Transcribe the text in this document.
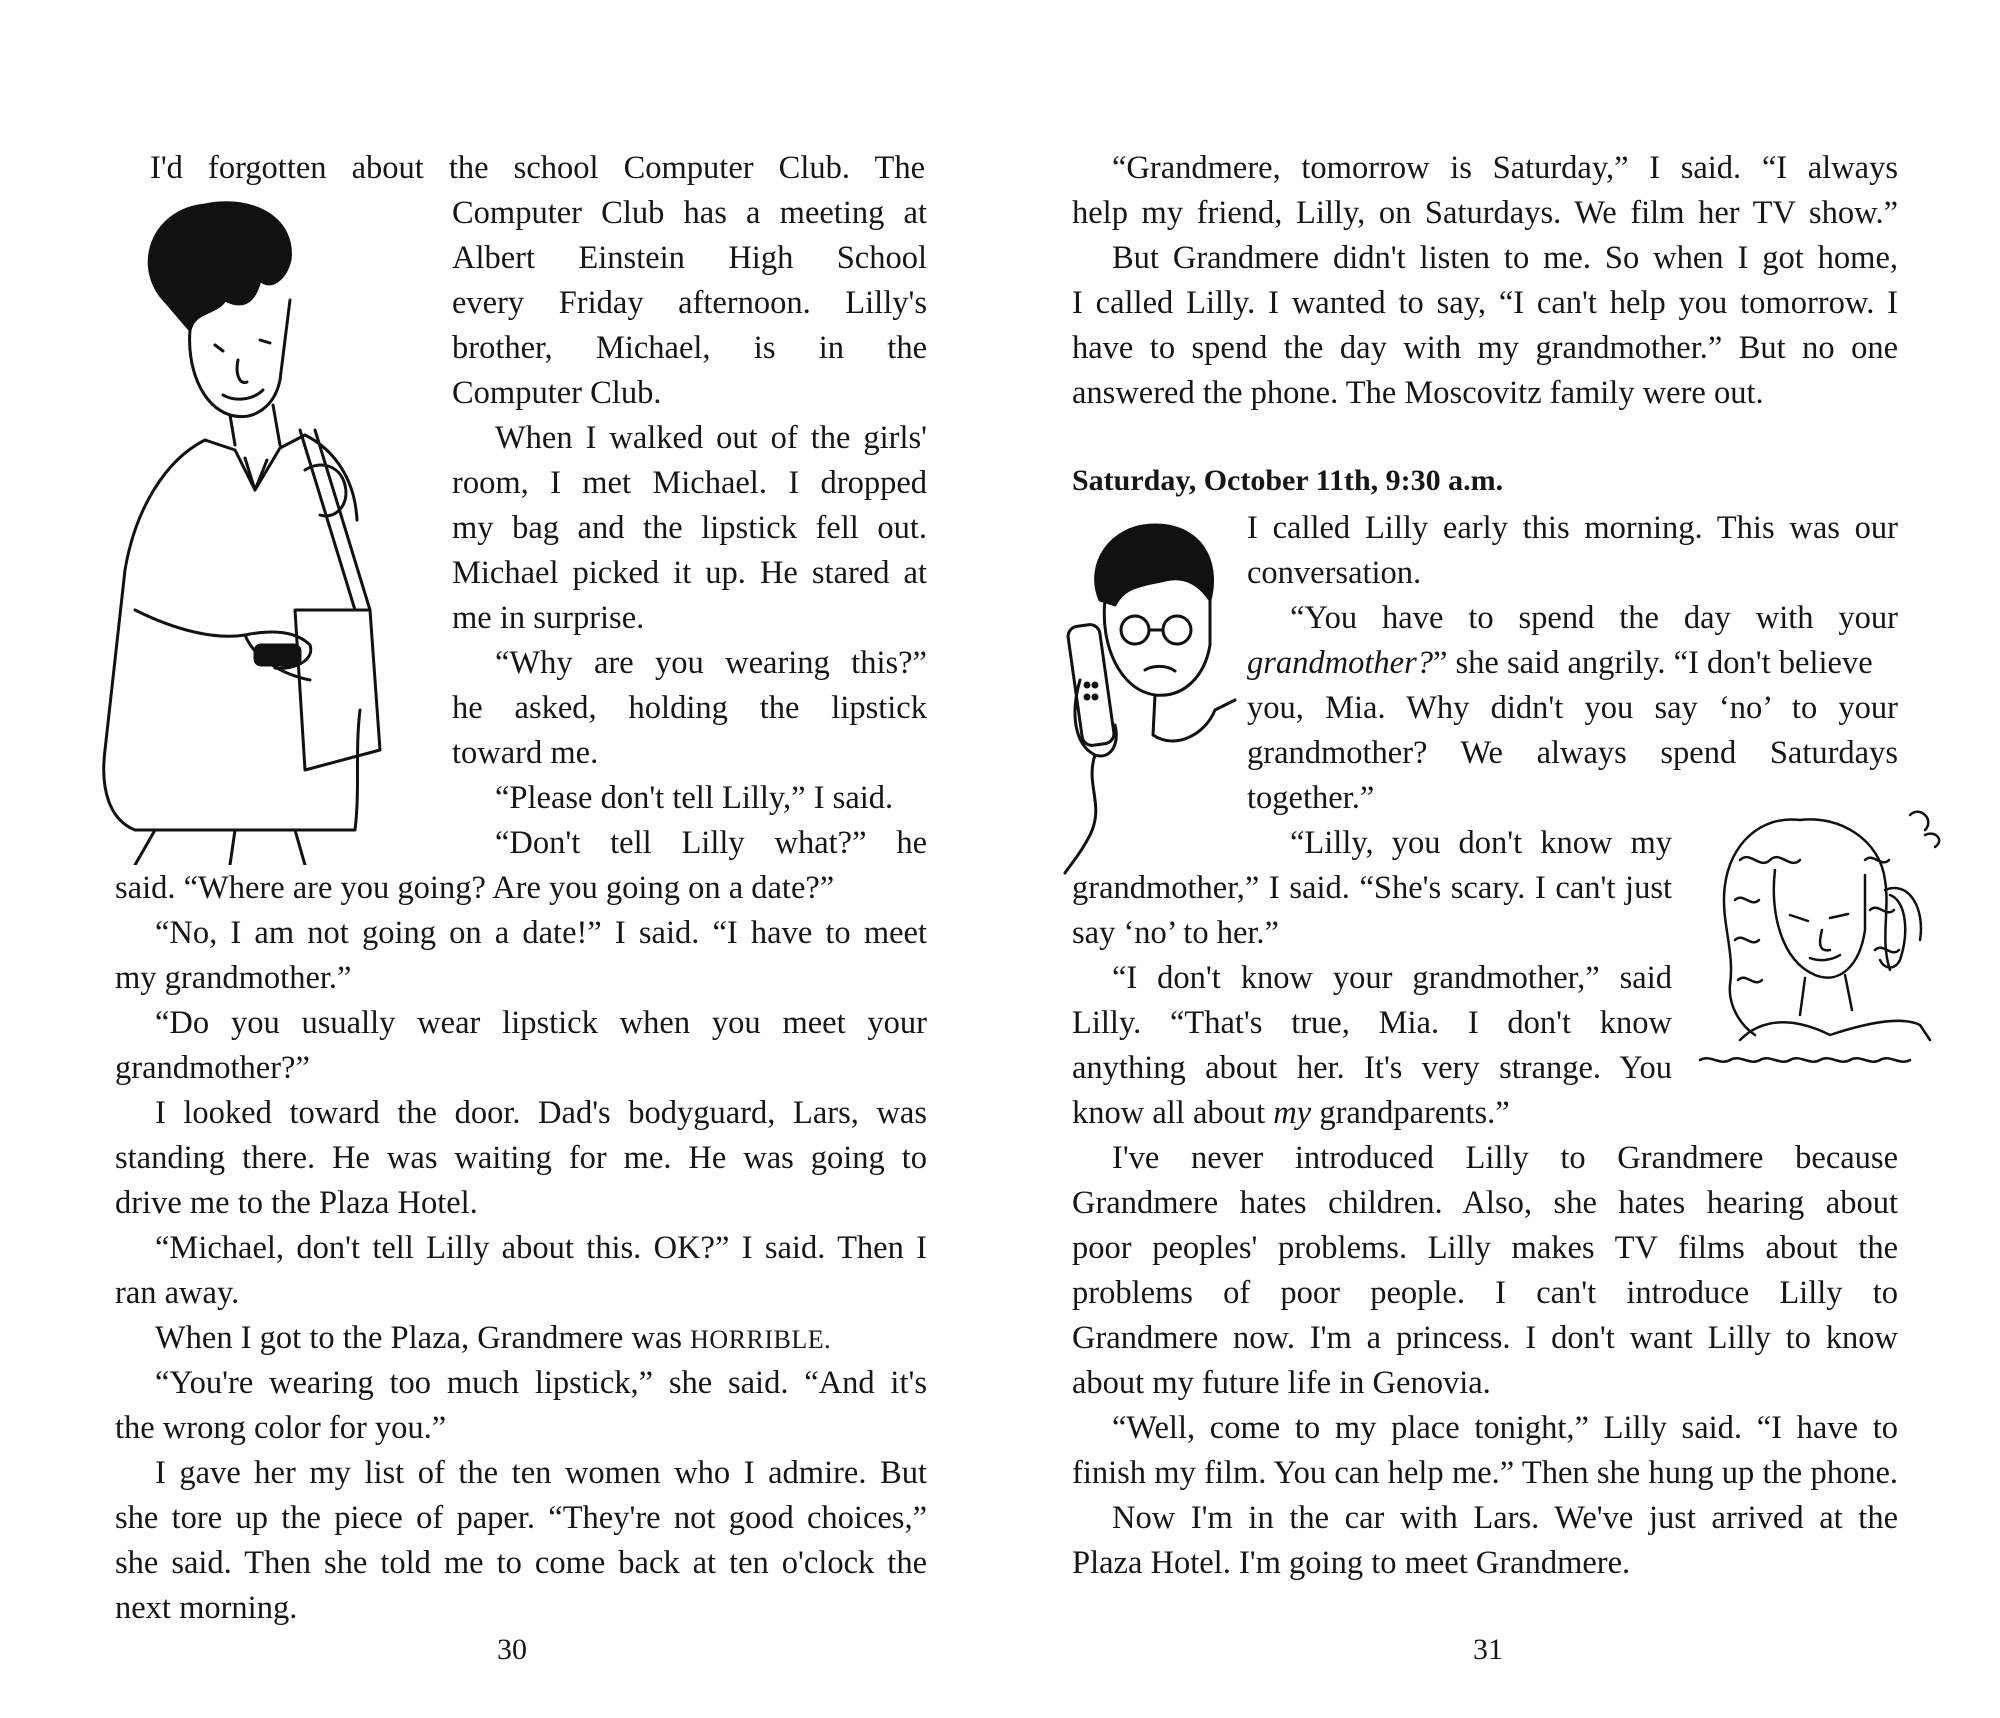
I'd forgotten about the school Computer Club. The
Computer Club has a meeting at
Albert Einstein High School
every Friday afternoon. Lilly's
brother, Michael, is in the
Computer Club.
When I walked out of the girls'
room, I met Michael. I dropped
my bag and the lipstick fell out.
Michael picked it up. He stared at
me in surprise.
“Why are you wearing this?”
he asked, holding the lipstick
toward me.
“Please don't tell Lilly,” I said.
“Don't tell Lilly what?” he
said. “Where are you going? Are you going on a date?”
“No, I am not going on a date!” I said. “I have to meet
my grandmother.”
“Do you usually wear lipstick when you meet your
grandmother?”
I looked toward the door. Dad's bodyguard, Lars, was
standing there. He was waiting for me. He was going to
drive me to the Plaza Hotel.
“Michael, don't tell Lilly about this. OK?” I said. Then I
ran away.
When I got to the Plaza, Grandmere was HORRIBLE.
“You're wearing too much lipstick,” she said. “And it's
the wrong color for you.”
I gave her my list of the ten women who I admire. But
she tore up the piece of paper. “They're not good choices,”
she said. Then she told me to come back at ten o'clock the
next morning.
30
“Grandmere, tomorrow is Saturday,” I said. “I always
help my friend, Lilly, on Saturdays. We film her TV show.”
But Grandmere didn't listen to me. So when I got home,
I called Lilly. I wanted to say, “I can't help you tomorrow. I
have to spend the day with my grandmother.” But no one
answered the phone. The Moscovitz family were out.
Saturday, October 11th, 9:30 a.m.
I called Lilly early this morning. This was our
conversation.
“You have to spend the day with your
grandmother?” she said angrily. “I don't believe
you, Mia. Why didn't you say ‘no’ to your
grandmother? We always spend Saturdays
together.”
“Lilly, you don't know my
grandmother,” I said. “She's scary. I can't just
say ‘no’ to her.”
“I don't know your grandmother,” said
Lilly. “That's true, Mia. I don't know
anything about her. It's very strange. You
know all about my grandparents.”
I've never introduced Lilly to Grandmere because
Grandmere hates children. Also, she hates hearing about
poor peoples' problems. Lilly makes TV films about the
problems of poor people. I can't introduce Lilly to
Grandmere now. I'm a princess. I don't want Lilly to know
about my future life in Genovia.
“Well, come to my place tonight,” Lilly said. “I have to
finish my film. You can help me.” Then she hung up the phone.
Now I'm in the car with Lars. We've just arrived at the
Plaza Hotel. I'm going to meet Grandmere.
31
